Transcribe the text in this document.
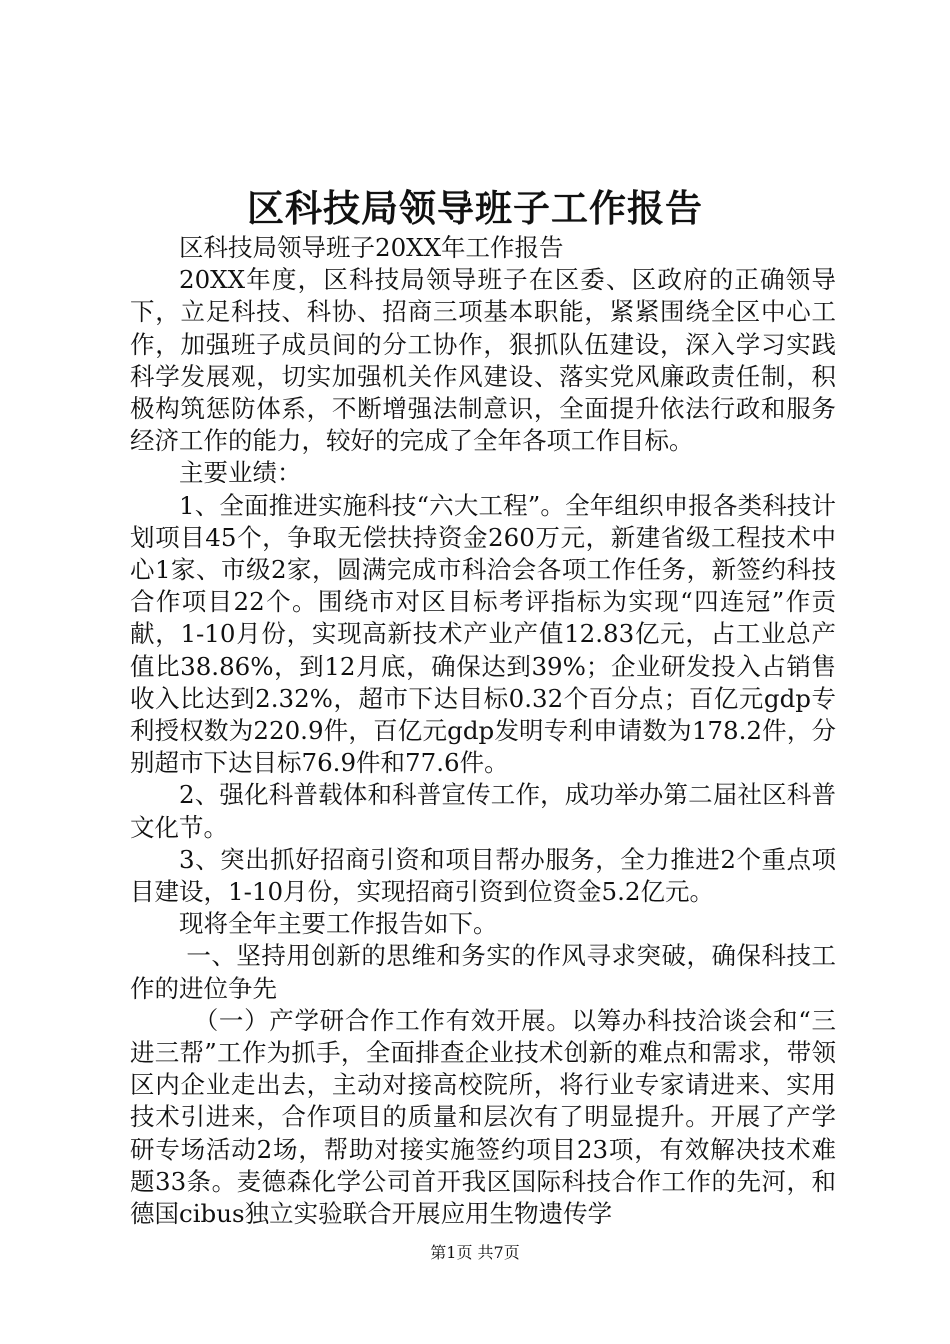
区科技局领导班子工作报告

区科技局领导班子20XX年工作报告

20XX年度，区科技局领导班子在区委、区政府的正确领导下，立足科技、科协、招商三项基本职能，紧紧围绕全区中心工作，加强班子成员间的分工协作，狠抓队伍建设，深入学习实践科学发展观，切实加强机关作风建设、落实党风廉政责任制，积极构筑惩防体系，不断增强法制意识，全面提升依法行政和服务经济工作的能力，较好的完成了全年各项工作目标。

主要业绩：

1、全面推进实施科技“六大工程”。全年组织申报各类科技计划项目45个，争取无偿扶持资金260万元，新建省级工程技术中心1家、市级2家，圆满完成市科洽会各项工作任务，新签约科技合作项目22个。围绕市对区目标考评指标为实现“四连冠”作贡献，1-10月份，实现高新技术产业产值12.83亿元，占工业总产值比38.86%，到12月底，确保达到39%；企业研发投入占销售收入比达到2.32%，超市下达目标0.32个百分点；百亿元gdp专利授权数为220.9件，百亿元gdp发明专利申请数为178.2件，分别超市下达目标76.9件和77.6件。

2、强化科普载体和科普宣传工作，成功举办第二届社区科普文化节。

3、突出抓好招商引资和项目帮办服务，全力推进2个重点项目建设，1-10月份，实现招商引资到位资金5.2亿元。

现将全年主要工作报告如下。

一、坚持用创新的思维和务实的作风寻求突破，确保科技工作的进位争先

（一）产学研合作工作有效开展。以筹办科技洽谈会和“三进三帮”工作为抓手，全面排查企业技术创新的难点和需求，带领区内企业走出去，主动对接高校院所，将行业专家请进来、实用技术引进来，合作项目的质量和层次有了明显提升。开展了产学研专场活动2场，帮助对接实施签约项目23项，有效解决技术难题33条。麦德森化学公司首开我区国际科技合作工作的先河，和德国cibus独立实验联合开展应用生物遗传学

第1页 共7页
